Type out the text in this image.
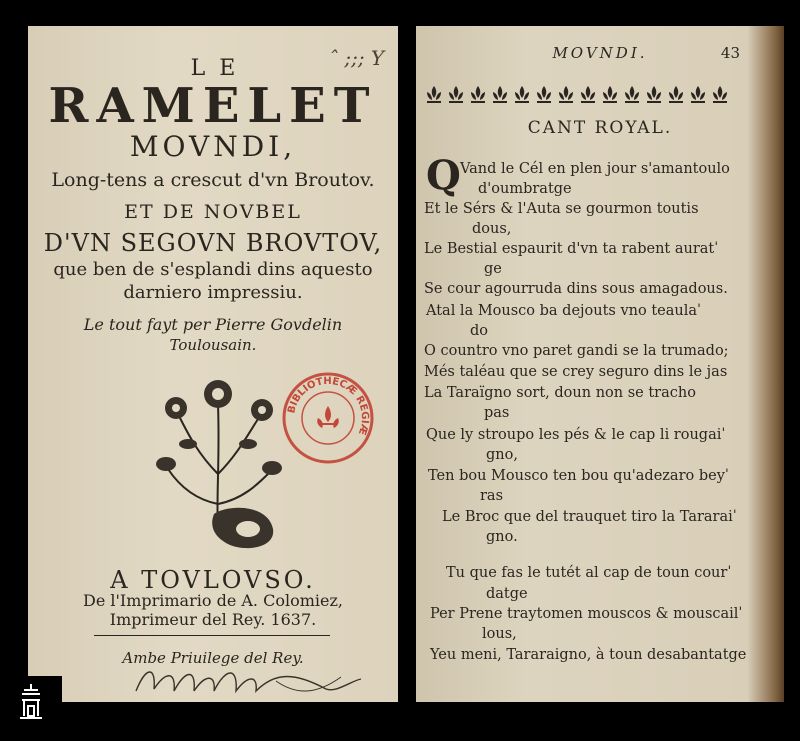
LE	ˆ ;;; Y
RAMELET
MOVNDI,
Long-tens a crescut d'vn Broutov.
ET DE NOVBEL
D'VN SEGOVN BROVTOV,
que ben de s'esplandi dins aquesto
darniero impressiu.
Le tout fayt per Pierre Govdelin
Toulousain.
BIBLIOTHECÆ REGIÆ
A TOVLOVSO.
De l'Imprimario de A. Colomiez,
Imprimeur del Rey. 1637.
Ambe Priuilege del Rey.
MOVNDI.	43
CANT ROYAL.
Q Vand le Cél en plen jour s'amantoulo
d'oumbratge
Et le Sérs & l'Auta se gourmon toutis
dous,
Le Bestial espaurit d'vn ta rabent auratˈ
ge
Se cour agourruda dins sous amagadous.
Atal la Mousco ba dejouts vno teaulaˈ
do
O countro vno paret gandi se la trumado;
Més taléau que se crey seguro dins le jas
La Taraïgno sort, doun non se tracho
pas
Que ly stroupo les pés & le cap li rougaiˈ
gno,
Ten bou Mousco ten bou qu'adezaro beyˈ
ras
Le Broc que del trauquet tiro la Tararaiˈ
gno.
Tu que fas le tutét al cap de toun courˈ
datge
Per Prene traytomen mouscos & mouscailˈ
lous,
Yeu meni, Tararaigno, à toun desabantatge
